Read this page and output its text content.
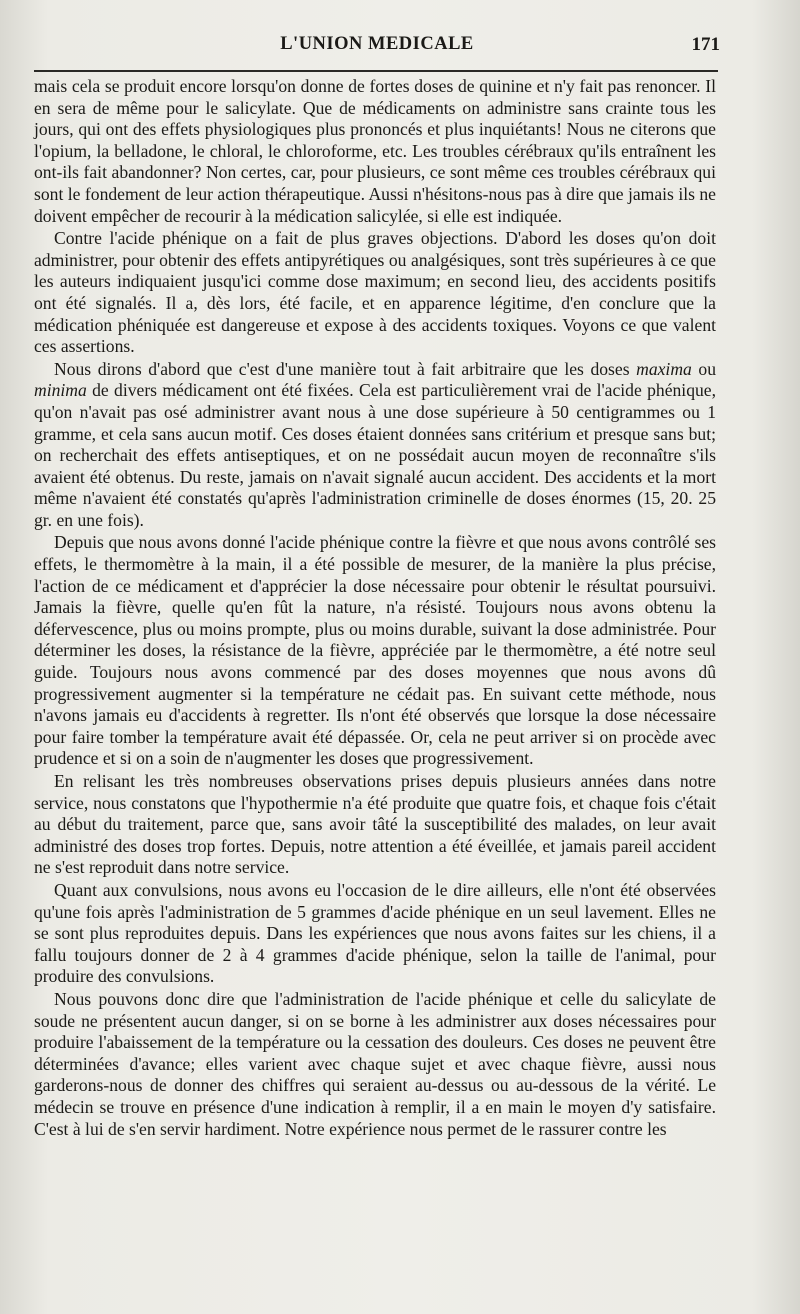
L'UNION MEDICALE	171

mais cela se produit encore lorsqu'on donne de fortes doses de quinine et n'y fait pas renoncer. Il en sera de même pour le salicylate. Que de médicaments on administre sans crainte tous les jours, qui ont des effets physiologiques plus prononcés et plus inquiétants! Nous ne citerons que l'opium, la belladone, le chloral, le chloroforme, etc. Les troubles cérébraux qu'ils entraînent les ont-ils fait abandonner? Non certes, car, pour plusieurs, ce sont même ces troubles cérébraux qui sont le fondement de leur action thérapeutique. Aussi n'hésitons-nous pas à dire que jamais ils ne doivent empêcher de recourir à la médication salicylée, si elle est indiquée.

Contre l'acide phénique on a fait de plus graves objections. D'abord les doses qu'on doit administrer, pour obtenir des effets antipyrétiques ou analgésiques, sont très supérieures à ce que les auteurs indiquaient jusqu'ici comme dose maximum; en second lieu, des accidents positifs ont été signalés. Il a, dès lors, été facile, et en apparence légitime, d'en conclure que la médication phéniquée est dangereuse et expose à des accidents toxiques. Voyons ce que valent ces assertions.

Nous dirons d'abord que c'est d'une manière tout à fait arbitraire que les doses maxima ou minima de divers médicament ont été fixées. Cela est particulièrement vrai de l'acide phénique, qu'on n'avait pas osé administrer avant nous à une dose supérieure à 50 centigrammes ou 1 gramme, et cela sans aucun motif. Ces doses étaient données sans critérium et presque sans but; on recherchait des effets antiseptiques, et on ne possédait aucun moyen de reconnaître s'ils avaient été obtenus. Du reste, jamais on n'avait signalé aucun accident. Des accidents et la mort même n'avaient été constatés qu'après l'administration criminelle de doses énormes (15, 20. 25 gr. en une fois).

Depuis que nous avons donné l'acide phénique contre la fièvre et que nous avons contrôlé ses effets, le thermomètre à la main, il a été possible de mesurer, de la manière la plus précise, l'action de ce médicament et d'apprécier la dose nécessaire pour obtenir le résultat poursuivi. Jamais la fièvre, quelle qu'en fût la nature, n'a résisté. Toujours nous avons obtenu la défervescence, plus ou moins prompte, plus ou moins durable, suivant la dose administrée. Pour déterminer les doses, la résistance de la fièvre, appréciée par le thermomètre, a été notre seul guide. Toujours nous avons commencé par des doses moyennes que nous avons dû progressivement augmenter si la température ne cédait pas. En suivant cette méthode, nous n'avons jamais eu d'accidents à regretter. Ils n'ont été observés que lorsque la dose nécessaire pour faire tomber la température avait été dépassée. Or, cela ne peut arriver si on procède avec prudence et si on a soin de n'augmenter les doses que progressivement.

En relisant les très nombreuses observations prises depuis plusieurs années dans notre service, nous constatons que l'hypothermie n'a été produite que quatre fois, et chaque fois c'était au début du traitement, parce que, sans avoir tâté la susceptibilité des malades, on leur avait administré des doses trop fortes. Depuis, notre attention a été éveillée, et jamais pareil accident ne s'est reproduit dans notre service.

Quant aux convulsions, nous avons eu l'occasion de le dire ailleurs, elle n'ont été observées qu'une fois après l'administration de 5 grammes d'acide phénique en un seul lavement. Elles ne se sont plus reproduites depuis. Dans les expériences que nous avons faites sur les chiens, il a fallu toujours donner de 2 à 4 grammes d'acide phénique, selon la taille de l'animal, pour produire des convulsions.

Nous pouvons donc dire que l'administration de l'acide phénique et celle du salicylate de soude ne présentent aucun danger, si on se borne à les administrer aux doses nécessaires pour produire l'abaissement de la température ou la cessation des douleurs. Ces doses ne peuvent être déterminées d'avance; elles varient avec chaque sujet et avec chaque fièvre, aussi nous garderons-nous de donner des chiffres qui seraient au-dessus ou au-dessous de la vérité. Le médecin se trouve en présence d'une indication à remplir, il a en main le moyen d'y satisfaire. C'est à lui de s'en servir hardiment. Notre expérience nous permet de le rassurer contre les
